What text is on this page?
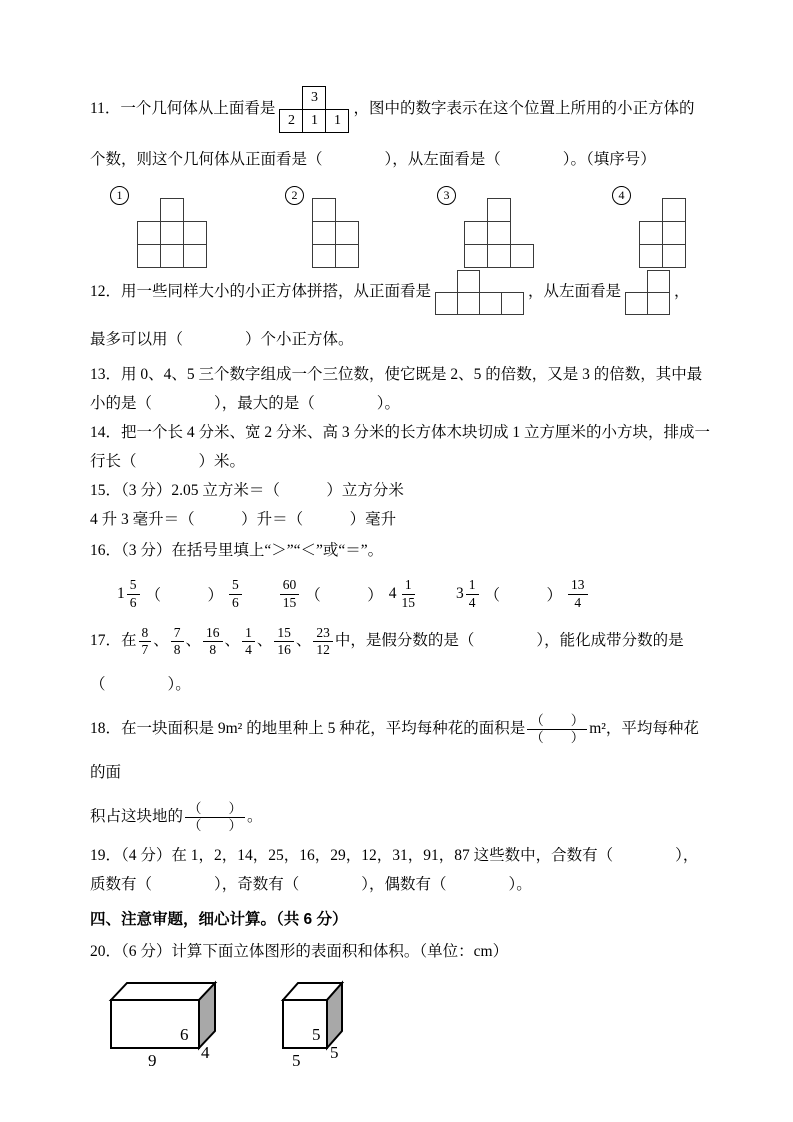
11．一个几何体从上面看是
3
2	1	1
，图中的数字表示在这个位置上所用的小正方体的

个数，则这个几何体从正面看是（　　　　），从左面看是（　　　　）。（填序号）

1	2	3	4

12．用一些同样大小的小正方体拼搭，从正面看是	，从左面看是	，

最多可以用（　　　　）个小正方体。

13．用 0、4、5 三个数字组成一个三位数，使它既是 2、5 的倍数，又是 3 的倍数，其中最
小的是（　　　　），最大的是（　　　　）。

14．把一个长 4 分米、宽 2 分米、高 3 分米的长方体木块切成 1 立方厘米的小方块，排成一
行长（　　　　）米。

15．（3 分）2.05 立方米＝（　　　）立方分米
4 升 3 毫升＝（　　　）升＝（　　　）毫升

16．（3 分）在括号里填上“＞”“＜”或“＝”。

$1 \frac{5}{6}$ （　　　） $\frac{5}{6}$	$\frac{60}{15}$ （　　　） $4 \frac{1}{15} 3 \frac{1}{4}$ （　　　） $\frac{13}{4}$

17．在 $\frac{8}{7}$ 、 $\frac{7}{8}$ 、 $\frac{16}{8}$ 、 $\frac{1}{4}$ 、 $\frac{15}{16}$ 、 $\frac{23}{12}$ 中，是假分数的是（　　　　），能化成带分数的是（　　　　）。

18．在一块面积是 9m² 的地里种上 5 种花，平均每种花的面积是 $\frac{( )}{( )} m^2$，平均每种花的面

积占这块地的 $\frac{( )}{( )}$ 。

19．（4 分）在 1，2，14，25，16，29，12，31，91，87 这些数中，合数有（　　　　），
质数有（　　　　），奇数有（　　　　），偶数有（　　　　）。

四、注意审题，细心计算。（共 6 分）

20．（6 分）计算下面立体图形的表面积和体积。（单位：cm）

6
4
9
5
5
5
